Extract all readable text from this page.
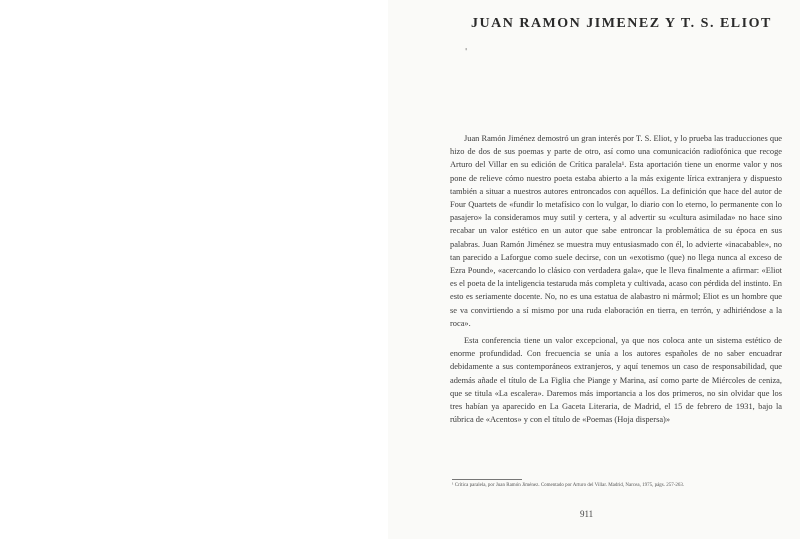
JUAN RAMON JIMENEZ Y T. S. ELIOT
'

Juan Ramón Jiménez demostró un gran interés por T. S. Eliot, y lo prueba las traducciones que hizo de dos de sus poemas y parte de otro, así como una comunicación radiofónica que recoge Arturo del Villar en su edición de Crítica paralela¹. Esta aportación tiene un enorme valor y nos pone de relieve cómo nuestro poeta estaba abierto a la más exigente lírica extranjera y dispuesto también a situar a nuestros autores entroncados con aquéllos. La definición que hace del autor de Four Quartets de «fundir lo metafísico con lo vulgar, lo diario con lo eterno, lo permanente con lo pasajero» la consideramos muy sutil y certera, y al advertir su «cultura asimilada» no hace sino recabar un valor estético en un autor que sabe entroncar la problemática de su época en sus palabras. Juan Ramón Jiménez se muestra muy entusiasmado con él, lo advierte «inacabable», no tan parecido a Laforgue como suele decirse, con un «exotismo (que) no llega nunca al exceso de Ezra Pound», «acercando lo clásico con verdadera gala», que le lleva finalmente a afirmar: «Eliot es el poeta de la inteligencia testaruda más completa y cultivada, acaso con pérdida del instinto. En esto es seriamente docente. No, no es una estatua de alabastro ni mármol; Eliot es un hombre que se va convirtiendo a sí mismo por una ruda elaboración en tierra, en terrón, y adhiriéndose a la roca».

Esta conferencia tiene un valor excepcional, ya que nos coloca ante un sistema estético de enorme profundidad. Con frecuencia se unía a los autores españoles de no saber encuadrar debidamente a sus contemporáneos extranjeros, y aquí tenemos un caso de responsabilidad, que además añade el título de La Figlia che Piange y Marina, así como parte de Miércoles de ceniza, que se titula «La escalera». Daremos más importancia a los dos primeros, no sin olvidar que los tres habían ya aparecido en La Gaceta Literaria, de Madrid, el 15 de febrero de 1931, bajo la rúbrica de «Acentos» y con el título de «Poemas (Hoja dispersa)»

¹ Crítica paralela, por Juan Ramón Jiménez. Comentado por Arturo del Villar. Madrid, Narcea, 1975, págs. 257-263.
911
